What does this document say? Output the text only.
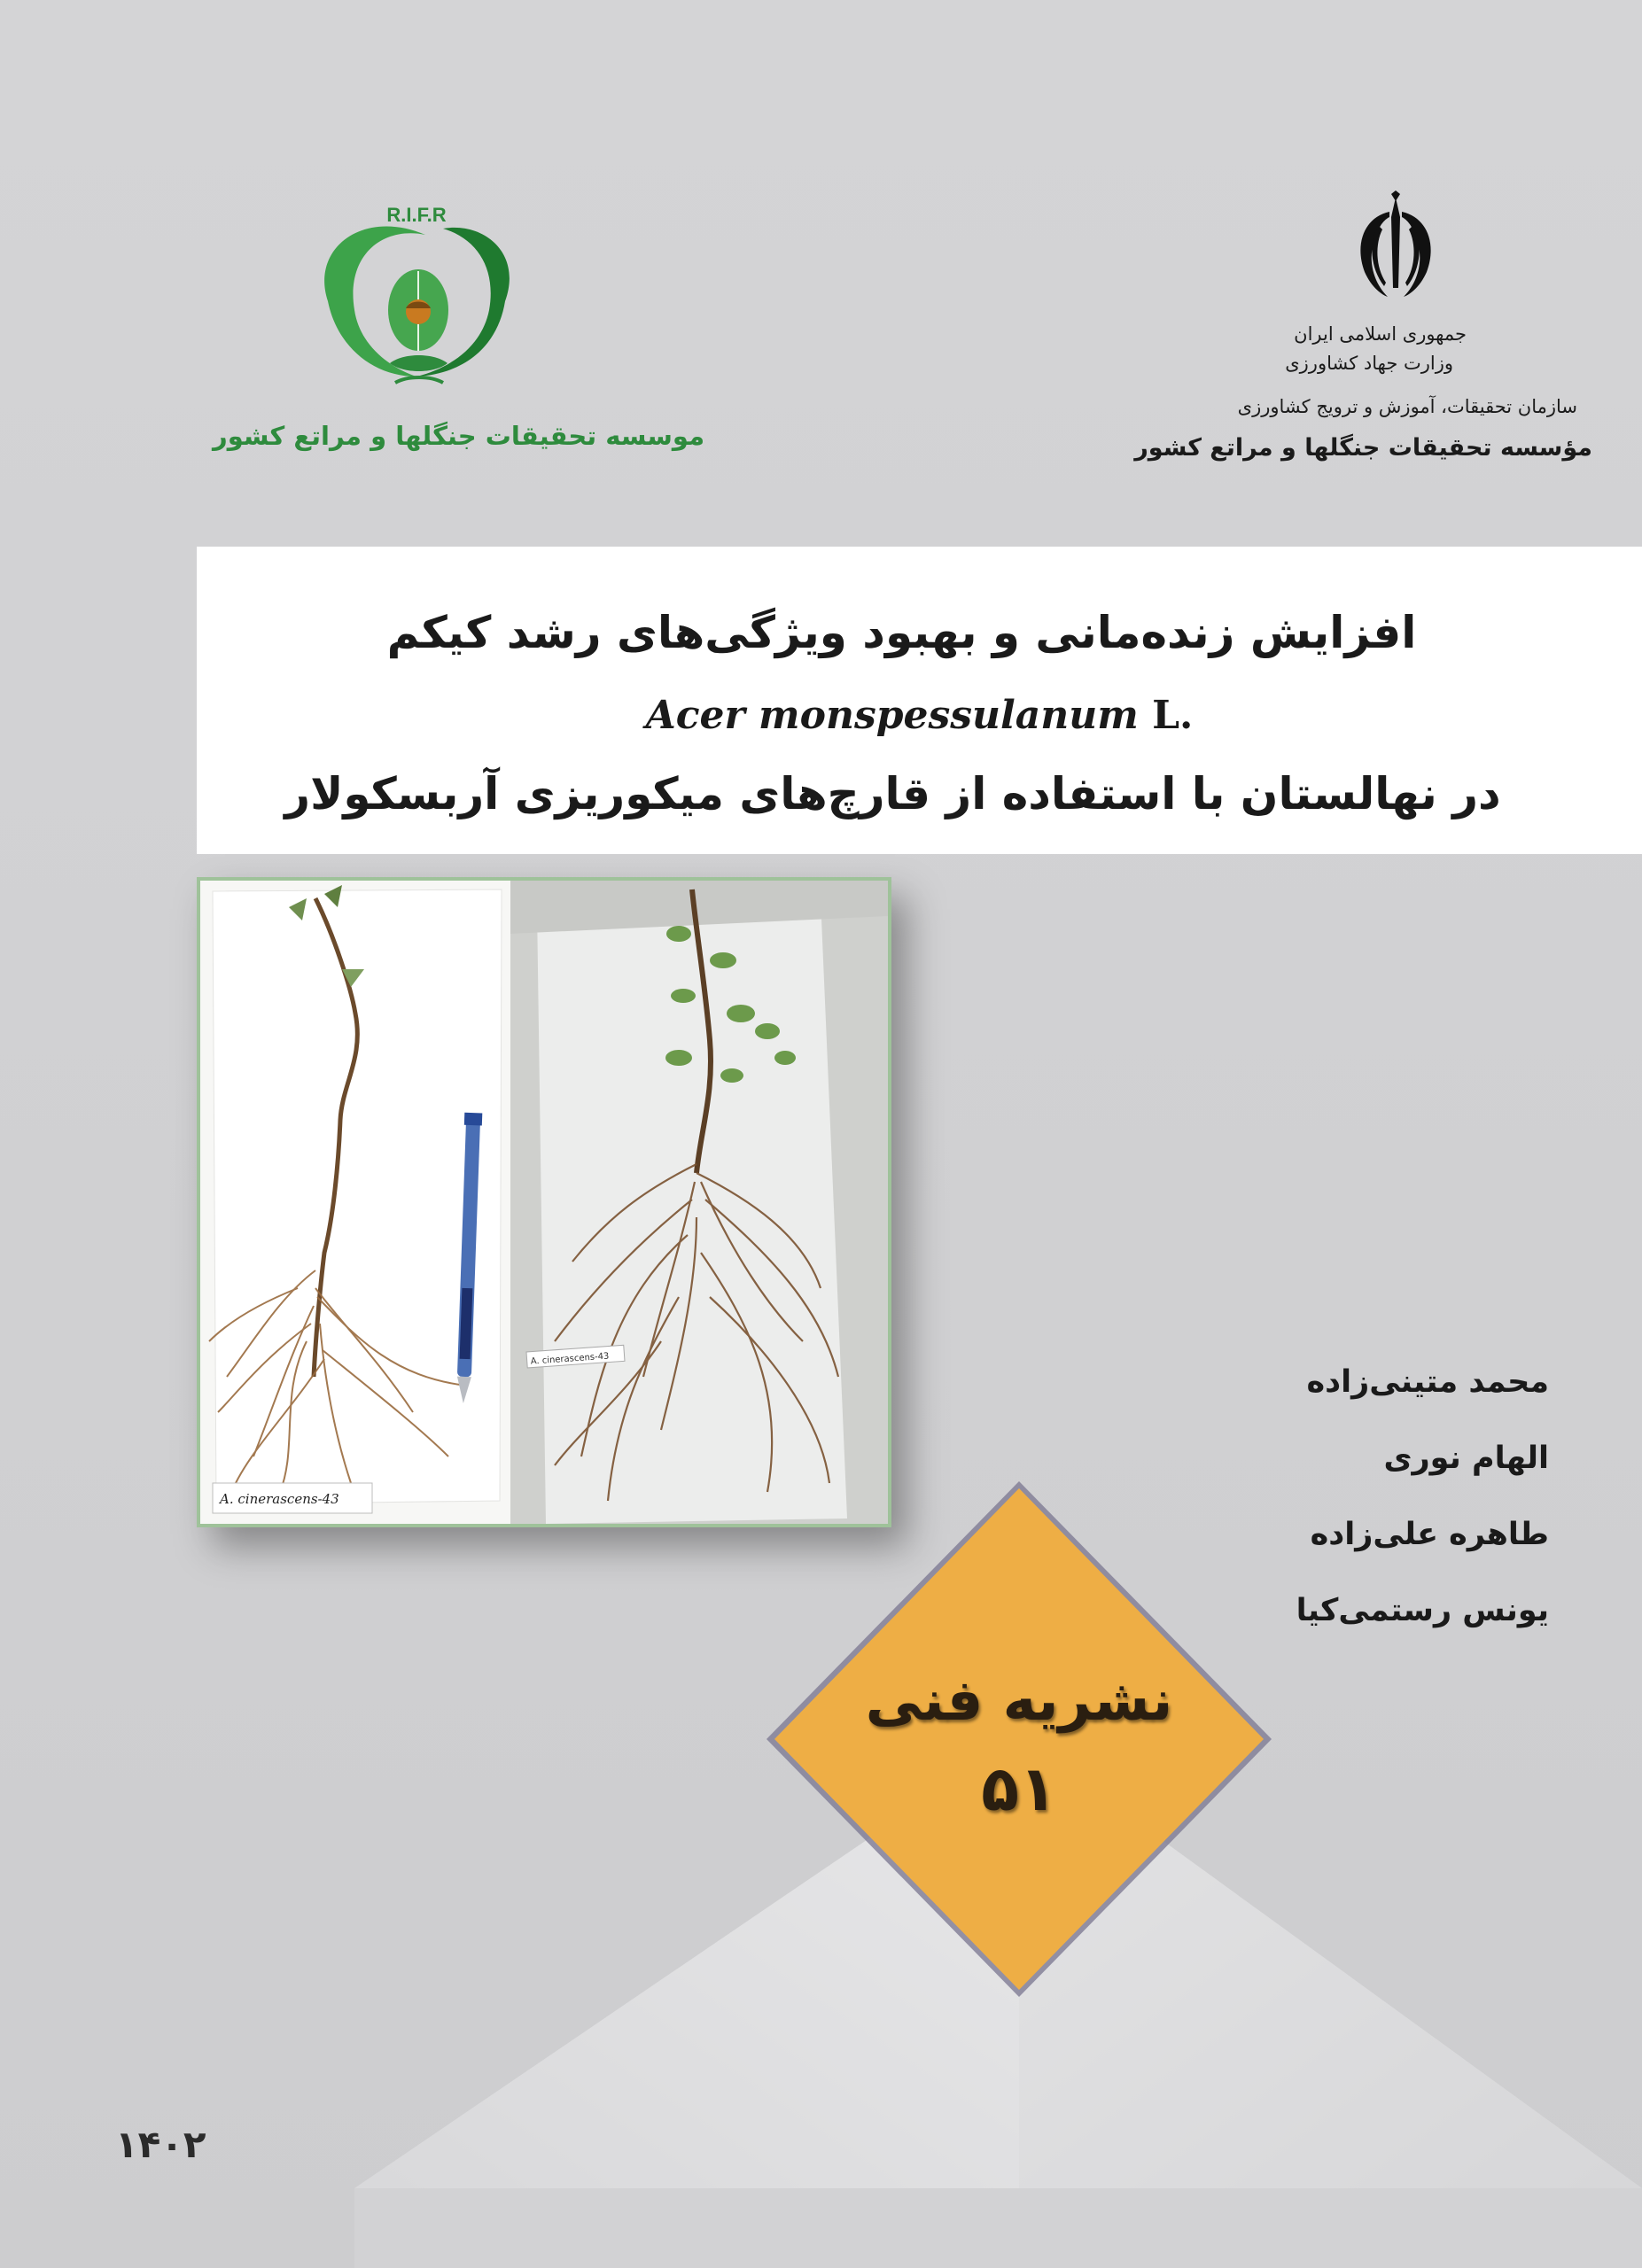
جمهوری اسلامی ایران
وزارت جهاد کشاورزی
سازمان تحقیقات، آموزش و ترویج کشاورزی
مؤسسه تحقیقات جنگلها و مراتع کشور
R.I.F.R
موسسه تحقیقات جنگلها و مراتع کشور
افزایش زنده‌مانی و بهبود ویژگی‌های رشد کیکم
Acer monspessulanum L.
در نهالستان با استفاده از قارچ‌های میکوریزی آربسکولار
A. cinerascens-43
A. cinerascens-43
محمد متینی‌زاده
الهام نوری
طاهره علی‌زاده
یونس رستمی‌کیا
نشریه فنی
۵۱
۱۴۰۲
